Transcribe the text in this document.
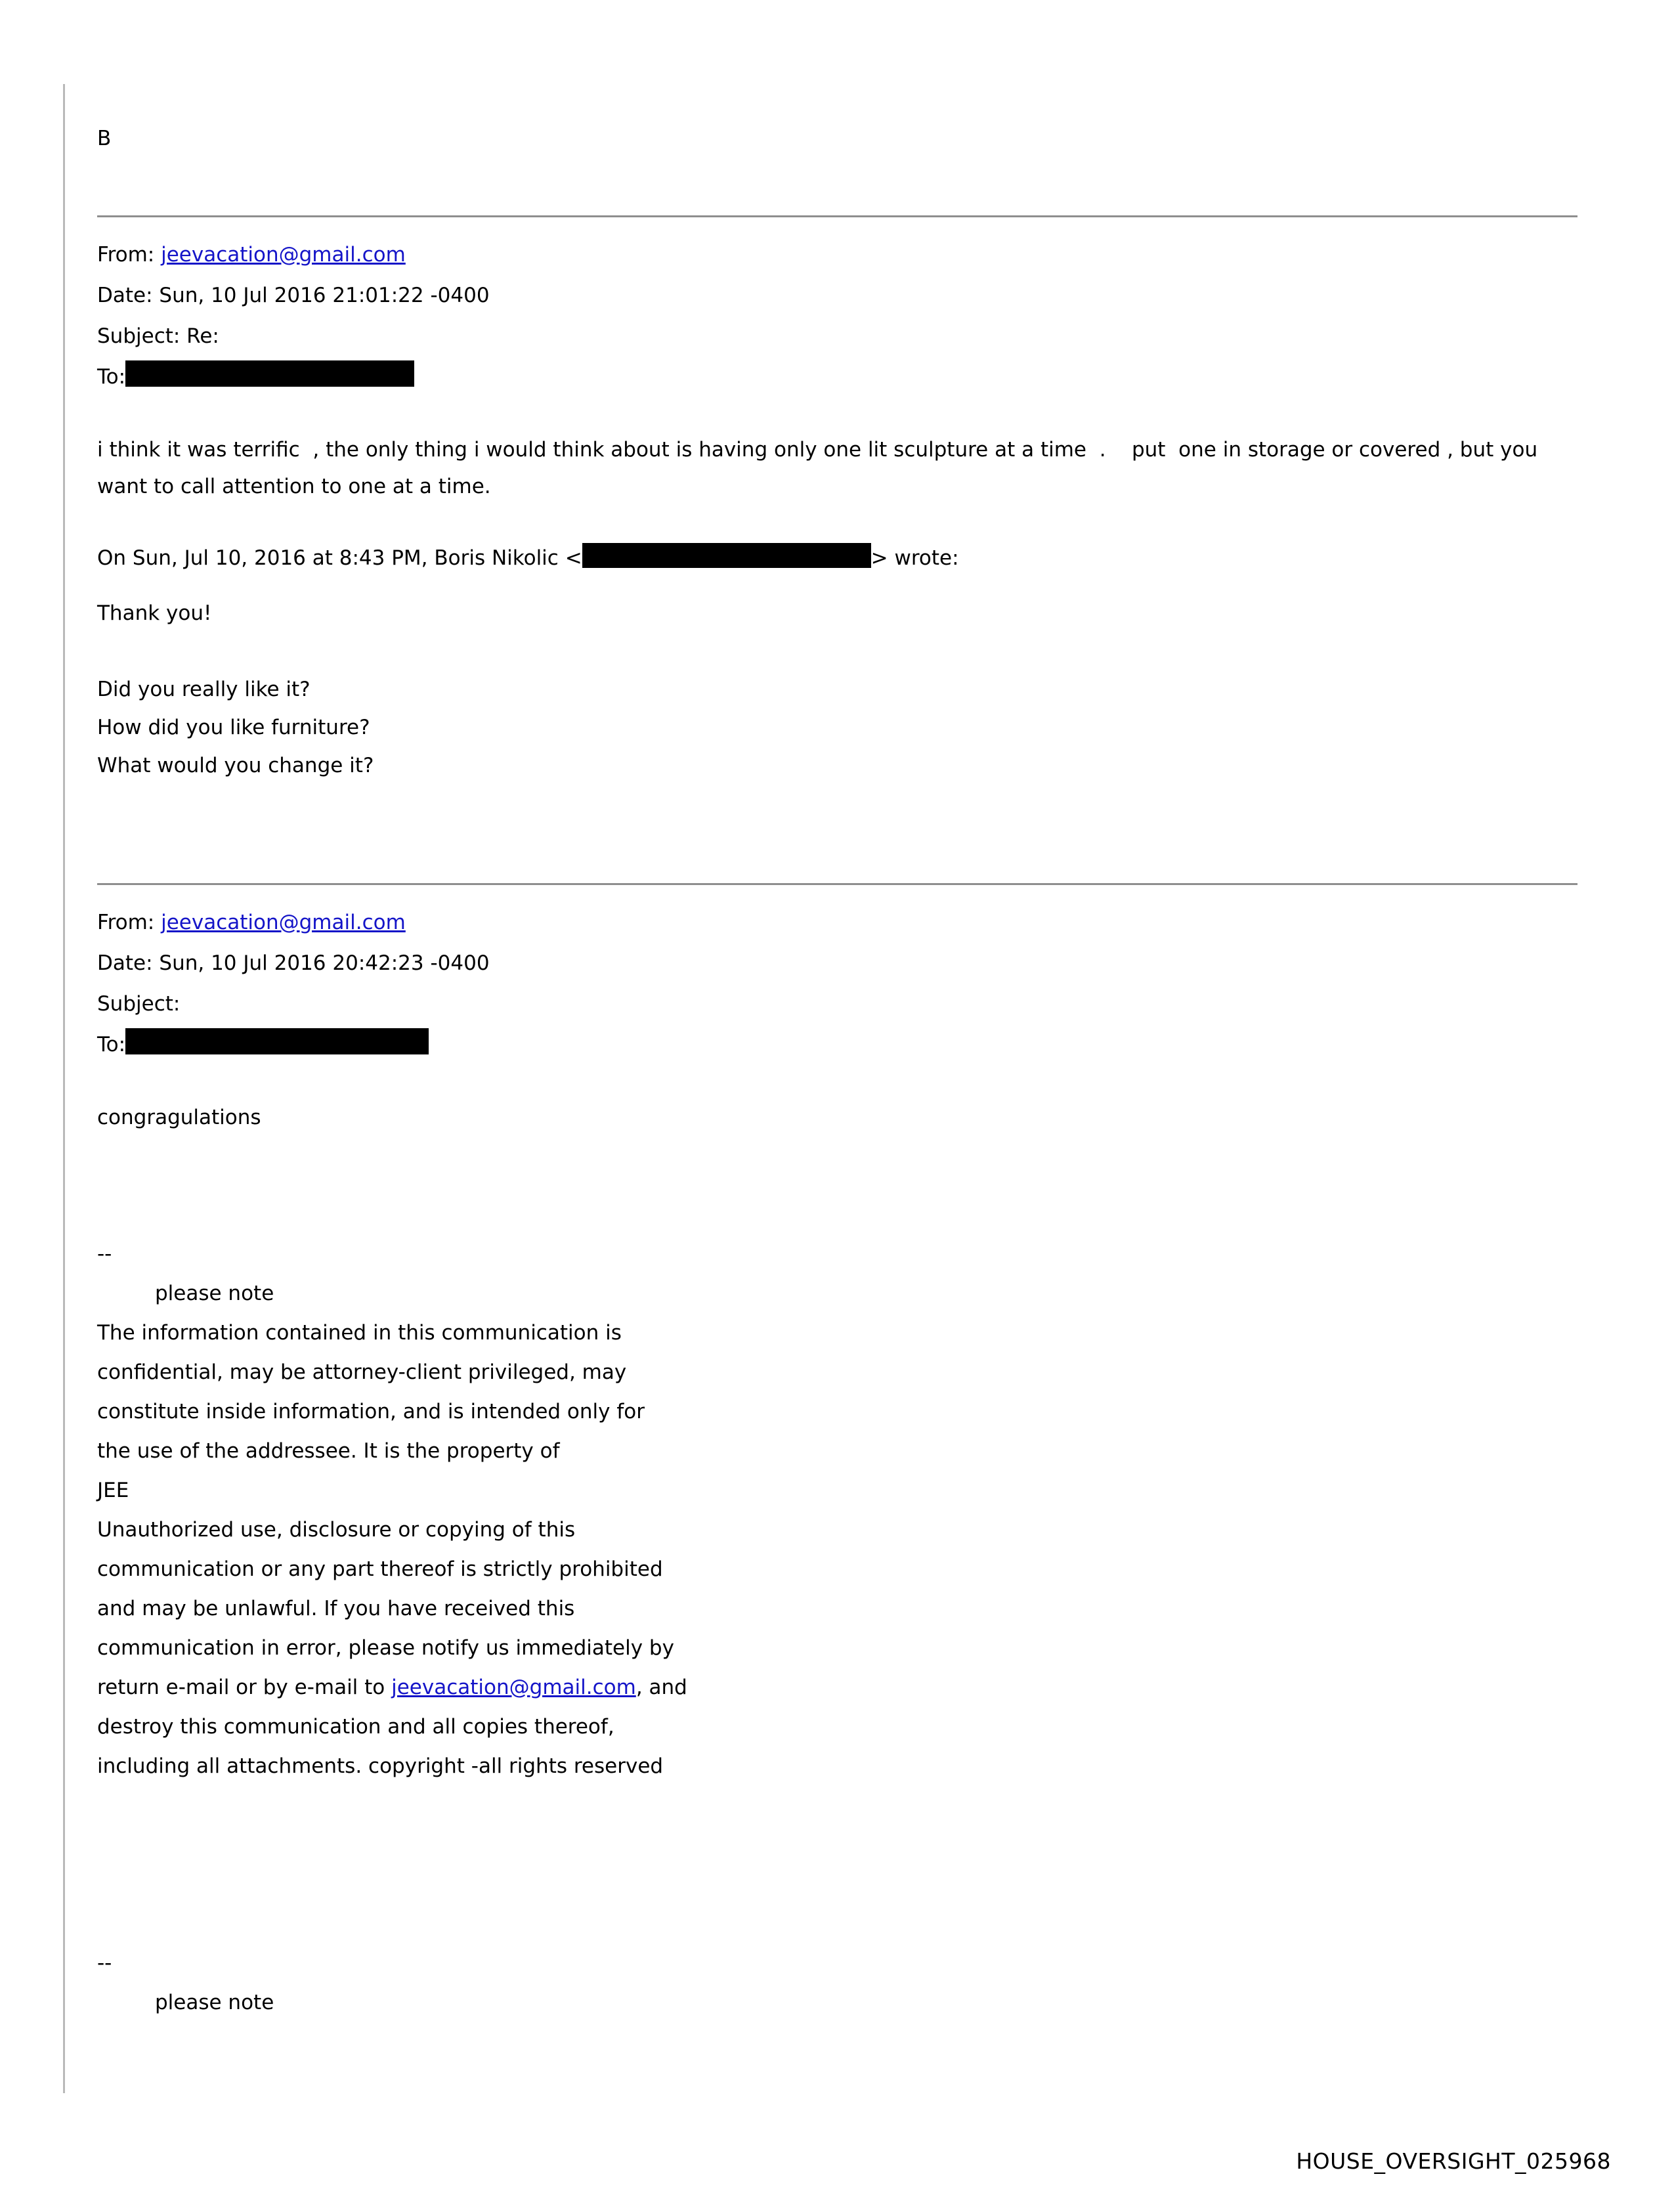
B
From: jeevacation@gmail.com
Date: Sun, 10 Jul 2016 21:01:22 -0400
Subject: Re:
To:
i think it was terrific  , the only thing i would think about is having only one lit sculpture at a time  .    put  one in storage or covered , but you want to call attention to one at a time.
On Sun, Jul 10, 2016 at 8:43 PM, Boris Nikolic <	> wrote:
Thank you!

Did you really like it?
How did you like furniture?
What would you change it?
From: jeevacation@gmail.com
Date: Sun, 10 Jul 2016 20:42:23 -0400
Subject:
To:
congragulations
--
please note
The information contained in this communication is
confidential, may be attorney-client privileged, may
constitute inside information, and is intended only for
the use of the addressee. It is the property of
JEE
Unauthorized use, disclosure or copying of this
communication or any part thereof is strictly prohibited
and may be unlawful. If you have received this
communication in error, please notify us immediately by
return e-mail or by e-mail to jeevacation@gmail.com, and
destroy this communication and all copies thereof,
including all attachments. copyright -all rights reserved
--
please note
HOUSE_OVERSIGHT_025968
